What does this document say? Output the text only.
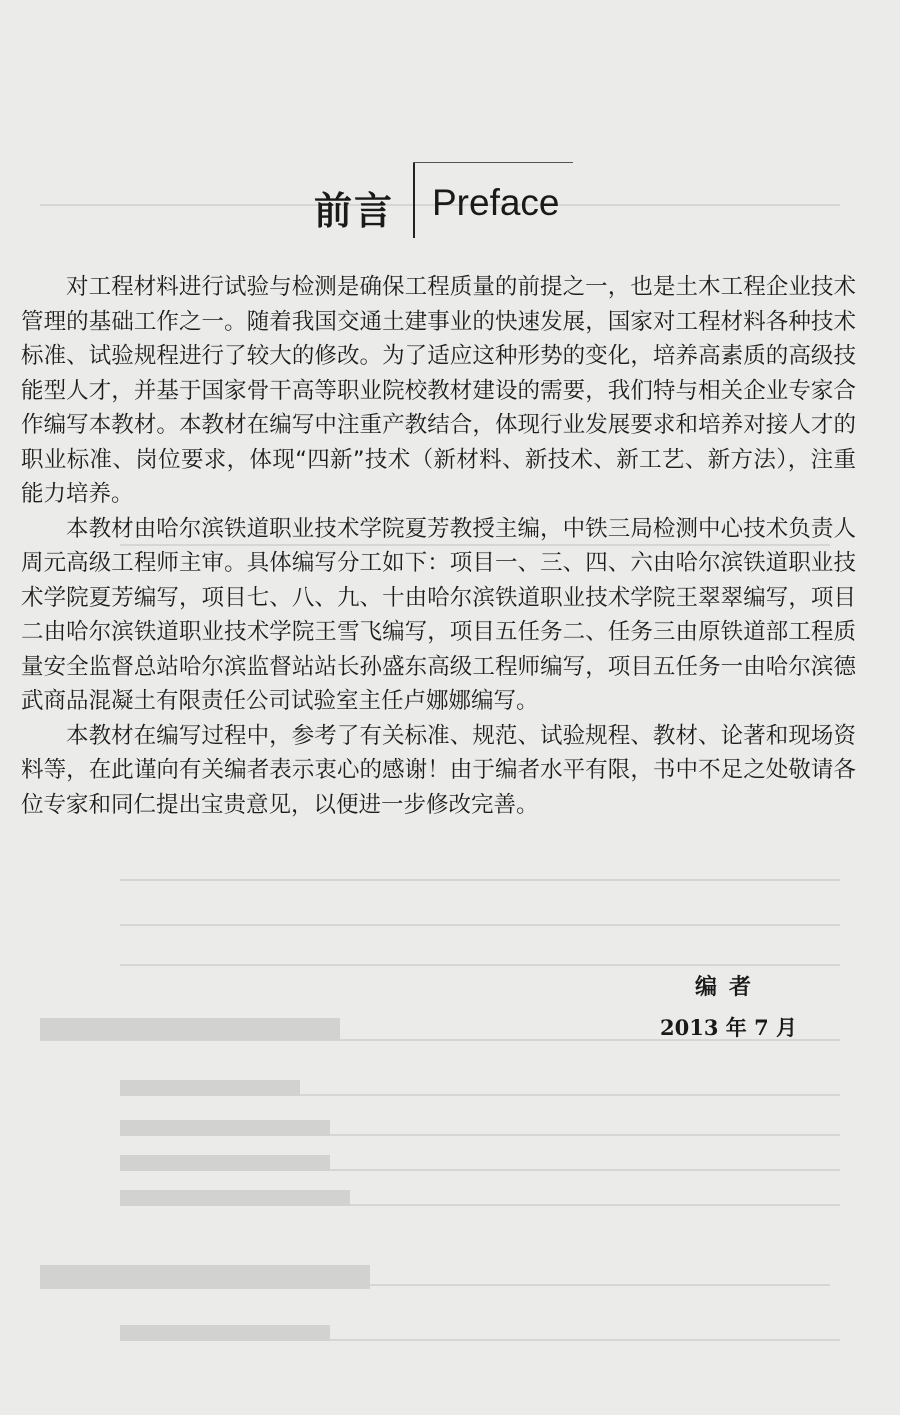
前言 Preface

对工程材料进行试验与检测是确保工程质量的前提之一，也是土木工程企业技术管理的基础工作之一。随着我国交通土建事业的快速发展，国家对工程材料各种技术标准、试验规程进行了较大的修改。为了适应这种形势的变化，培养高素质的高级技能型人才，并基于国家骨干高等职业院校教材建设的需要，我们特与相关企业专家合作编写本教材。本教材在编写中注重产教结合，体现行业发展要求和培养对接人才的职业标准、岗位要求，体现“四新”技术（新材料、新技术、新工艺、新方法），注重能力培养。

本教材由哈尔滨铁道职业技术学院夏芳教授主编，中铁三局检测中心技术负责人周元高级工程师主审。具体编写分工如下：项目一、三、四、六由哈尔滨铁道职业技术学院夏芳编写，项目七、八、九、十由哈尔滨铁道职业技术学院王翠翠编写，项目二由哈尔滨铁道职业技术学院王雪飞编写，项目五任务二、任务三由原铁道部工程质量安全监督总站哈尔滨监督站站长孙盛东高级工程师编写，项目五任务一由哈尔滨德武商品混凝土有限责任公司试验室主任卢娜娜编写。

本教材在编写过程中，参考了有关标准、规范、试验规程、教材、论著和现场资料等，在此谨向有关编者表示衷心的感谢！由于编者水平有限，书中不足之处敬请各位专家和同仁提出宝贵意见，以便进一步修改完善。

编者
2013 年 7 月
